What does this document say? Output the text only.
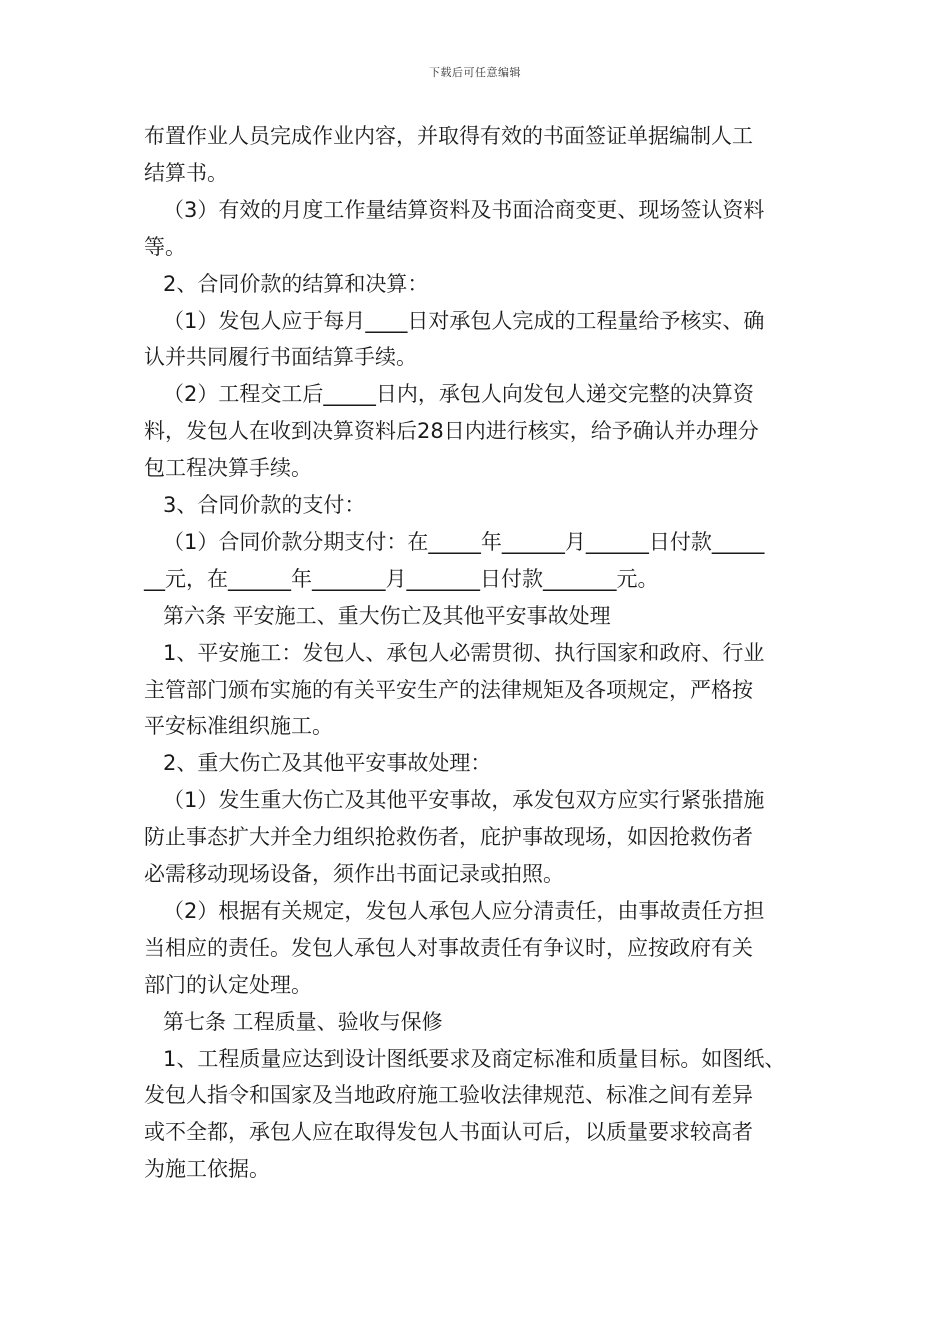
下载后可任意编辑
布置作业人员完成作业内容，并取得有效的书面签证单据编制人工
结算书。
（3）有效的月度工作量结算资料及书面洽商变更、现场签认资料
等。
2、合同价款的结算和决算：
（1）发包人应于每月____日对承包人完成的工程量给予核实、确
认并共同履行书面结算手续。
（2）工程交工后_____日内，承包人向发包人递交完整的决算资
料，发包人在收到决算资料后28日内进行核实，给予确认并办理分
包工程决算手续。
3、合同价款的支付：
（1）合同价款分期支付：在_____年______月______日付款_____
__元，在______年_______月_______日付款_______元。
第六条 平安施工、重大伤亡及其他平安事故处理
1、平安施工：发包人、承包人必需贯彻、执行国家和政府、行业
主管部门颁布实施的有关平安生产的法律规矩及各项规定，严格按
平安标准组织施工。
2、重大伤亡及其他平安事故处理：
（1）发生重大伤亡及其他平安事故，承发包双方应实行紧张措施
防止事态扩大并全力组织抢救伤者，庇护事故现场，如因抢救伤者
必需移动现场设备，须作出书面记录或拍照。
（2）根据有关规定，发包人承包人应分清责任，由事故责任方担
当相应的责任。发包人承包人对事故责任有争议时，应按政府有关
部门的认定处理。
第七条 工程质量、验收与保修
1、工程质量应达到设计图纸要求及商定标准和质量目标。如图纸、
发包人指令和国家及当地政府施工验收法律规范、标准之间有差异
或不全都，承包人应在取得发包人书面认可后，以质量要求较高者
为施工依据。
